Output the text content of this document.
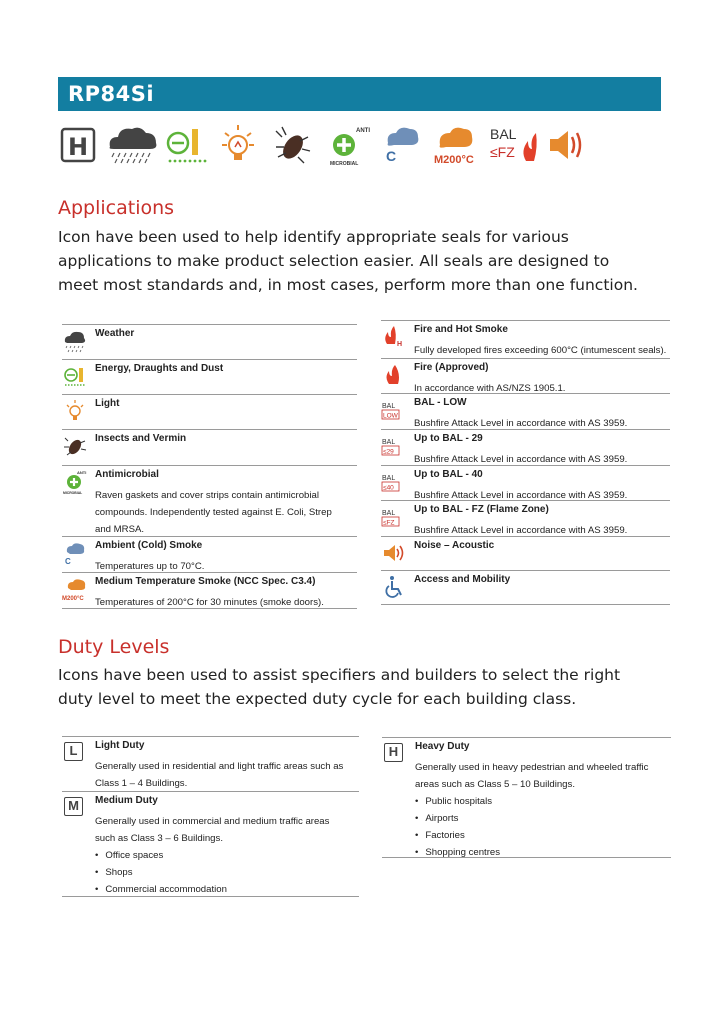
RP84Si
H
ANTI
MICROBIAL C	M200°C
BAL
≤FZ
Applications
Icon have been used to help identify appropriate seals for various
applications to make product selection easier. All seals are designed to
meet most standards and, in most cases, perform more than one function.
Weather
Energy, Draughts and Dust
Light
Insects and Vermin
ANTI
MICROBIAL
Antimicrobial
Raven gaskets and cover strips contain antimicrobial
compounds. Independently tested against E. Coli, Strep
and MRSA.
C
Ambient (Cold) Smoke
Temperatures up to 70°C.
M200°C
Medium Temperature Smoke (NCC Spec. C3.4)
Temperatures of 200°C for 30 minutes (smoke doors).
H
Fire and Hot Smoke
Fully developed fires exceeding 600°C (intumescent seals).
Fire (Approved)
In accordance with AS/NZS 1905.1.
BAL
LOW
BAL - LOW
Bushfire Attack Level in accordance with AS 3959.
BAL
≤29
Up to BAL - 29
Bushfire Attack Level in accordance with AS 3959.
BAL
≤40
Up to BAL - 40
Bushfire Attack Level in accordance with AS 3959.
BAL
≤FZ
Up to BAL - FZ (Flame Zone)
Bushfire Attack Level in accordance with AS 3959.
Noise – Acoustic
Access and Mobility
Duty Levels
Icons have been used to assist specifiers and builders to select the right
duty level to meet the expected duty cycle for each building class.
L	Light Duty
Generally used in residential and light traffic areas such as
Class 1 – 4 Buildings.
M	Medium Duty
Generally used in commercial and medium traffic areas
such as Class 3 – 6 Buildings.
• Office spaces
• Shops
• Commercial accommodation
H	Heavy Duty
Generally used in heavy pedestrian and wheeled traffic
areas such as Class 5 – 10 Buildings.
• Public hospitals
• Airports
• Factories
• Shopping centres
